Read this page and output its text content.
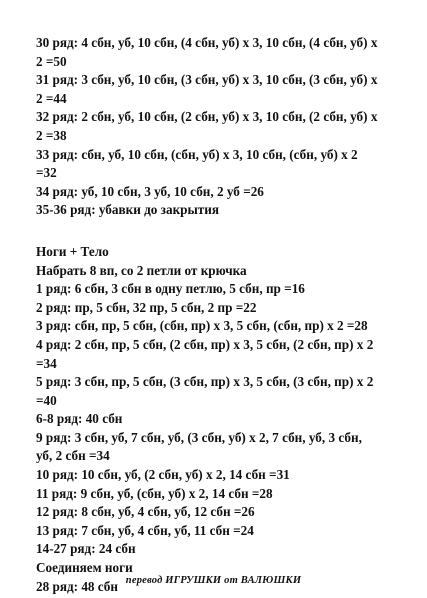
30 ряд: 4 сбн, уб, 10 сбн, (4 сбн, уб) х 3, 10 сбн, (4 сбн, уб) х
2 =50
31 ряд: 3 сбн, уб, 10 сбн, (3 сбн, уб) х 3, 10 сбн, (3 сбн, уб) х
2 =44
32 ряд: 2 сбн, уб, 10 сбн, (2 сбн, уб) х 3, 10 сбн, (2 сбн, уб) х
2 =38
33 ряд: сбн, уб, 10 сбн, (сбн, уб) х 3, 10 сбн, (сбн, уб) х 2
=32
34 ряд: уб, 10 сбн, 3 уб, 10 сбн, 2 уб =26
35-36 ряд: убавки до закрытия
Ноги + Тело
Набрать 8 вп, со 2 петли от крючка
1 ряд: 6 сбн, 3 сбн в одну петлю, 5 сбн, пр =16
2 ряд: пр, 5 сбн, 32 пр, 5 сбн, 2 пр =22
3 ряд: сбн, пр, 5 сбн, (сбн, пр) х 3, 5 сбн, (сбн, пр) х 2 =28
4 ряд: 2 сбн, пр, 5 сбн, (2 сбн, пр) х 3, 5 сбн, (2 сбн, пр) х 2
=34
5 ряд: 3 сбн, пр, 5 сбн, (3 сбн, пр) х 3, 5 сбн, (3 сбн, пр) х 2
=40
6-8 ряд: 40 сбн
9 ряд: 3 сбн, уб, 7 сбн, уб, (3 сбн, уб) х 2, 7 сбн, уб, 3 сбн,
уб, 2 сбн =34
10 ряд: 10 сбн, уб, (2 сбн, уб) х 2, 14 сбн =31
11 ряд: 9 сбн, уб, (сбн, уб) х 2, 14 сбн =28
12 ряд: 8 сбн, уб, 4 сбн, уб, 12 сбн =26
13 ряд: 7 сбн, уб, 4 сбн, уб, 11 сбн =24
14-27 ряд: 24 сбн
Соединяем ноги
28 ряд: 48 сбн перевод ИГРУШКИ от ВАЛЮШКИ
